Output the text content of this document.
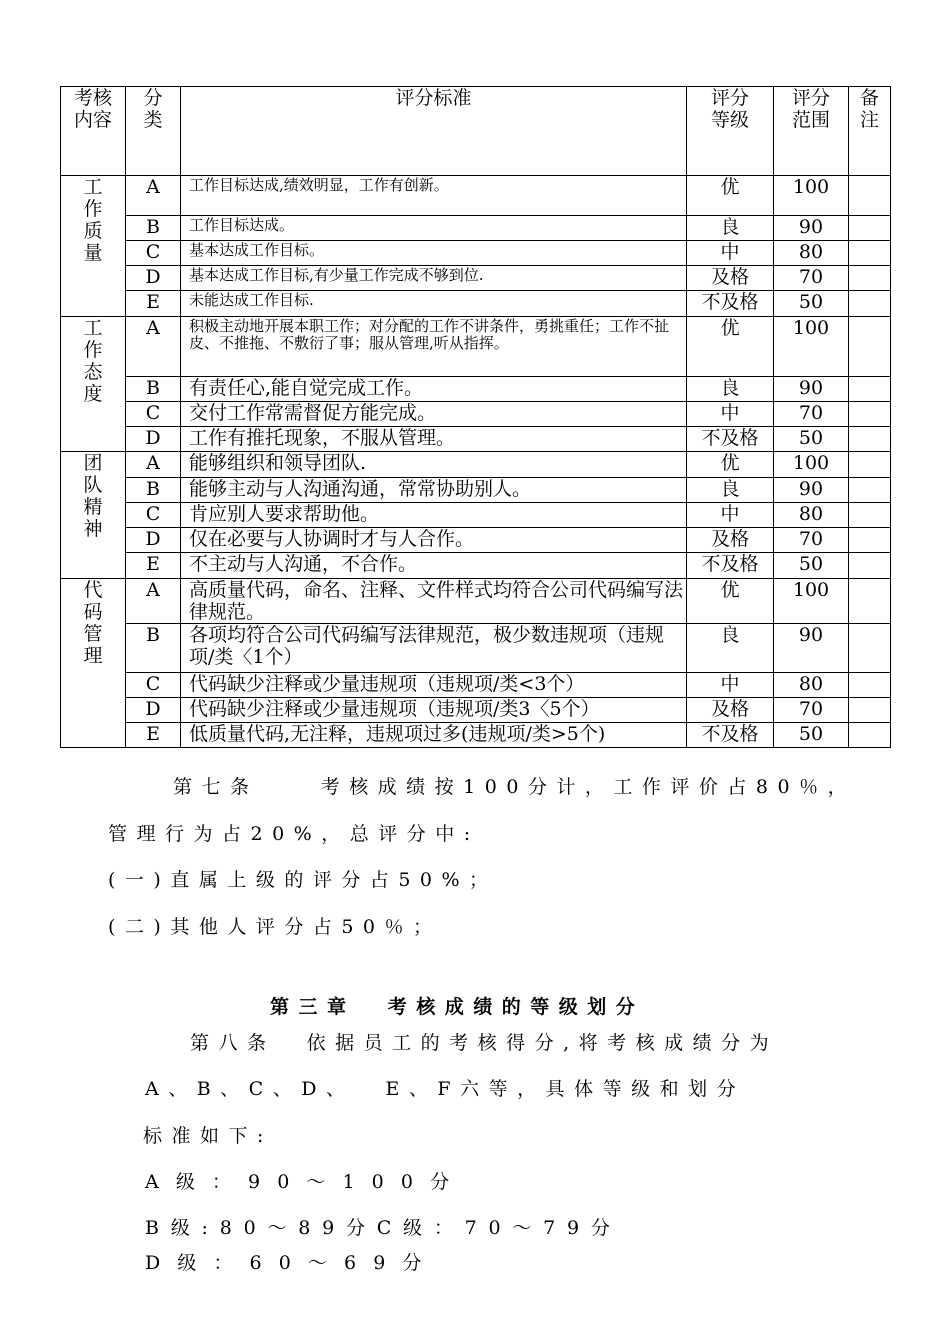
考核内容	分类	评分标准	评分等级	评分范围	备注
工作质量	A	工作目标达成,绩效明显，工作有创新。	优	100	
	B	工作目标达成。	良	90	
	C	基本达成工作目标。	中	80	
	D	基本达成工作目标,有少量工作完成不够到位.	及格	70	
	E	未能达成工作目标.	不及格	50	
工作态度	A	积极主动地开展本职工作；对分配的工作不讲条件，勇挑重任；工作不扯皮、不推拖、不敷衍了事；服从管理,听从指挥。	优	100	
	B	有责任心,能自觉完成工作。	良	90	
	C	交付工作常需督促方能完成。	中	70	
	D	工作有推托现象，不服从管理。	不及格	50	
团队精神	A	能够组织和领导团队.	优	100	
	B	能够主动与人沟通沟通，常常协助别人。	良	90	
	C	肯应别人要求帮助他。	中	80	
	D	仅在必要与人协调时才与人合作。	及格	70	
	E	不主动与人沟通，不合作。	不及格	50	
代码管理	A	高质量代码，命名、注释、文件样式均符合公司代码编写法律规范。	优	100	
	B	各项均符合公司代码编写法律规范，极少数违规项（违规项/类〈1个）	良	90	
	C	代码缺少注释或少量违规项（违规项/类<3个）	中	80	
	D	代码缺少注释或少量违规项（违规项/类3〈5个）	及格	70	
	E	低质量代码,无注释，违规项过多(违规项/类>5个)	不及格	50	
第七条    考核成绩按100分计，工作评价占80％，
管理行为占20%，总评分中:
(一)直属上级的评分占50%；
(二)其他人评分占50％；
第三章  考核成绩的等级划分
第八条  依据员工的考核得分,将考核成绩分为
A、B、C、D、  E、F六等，具体等级和划分
标准如下:
A级：90～100分
B级:80～89分C级：70～79分
D级：60～69分
